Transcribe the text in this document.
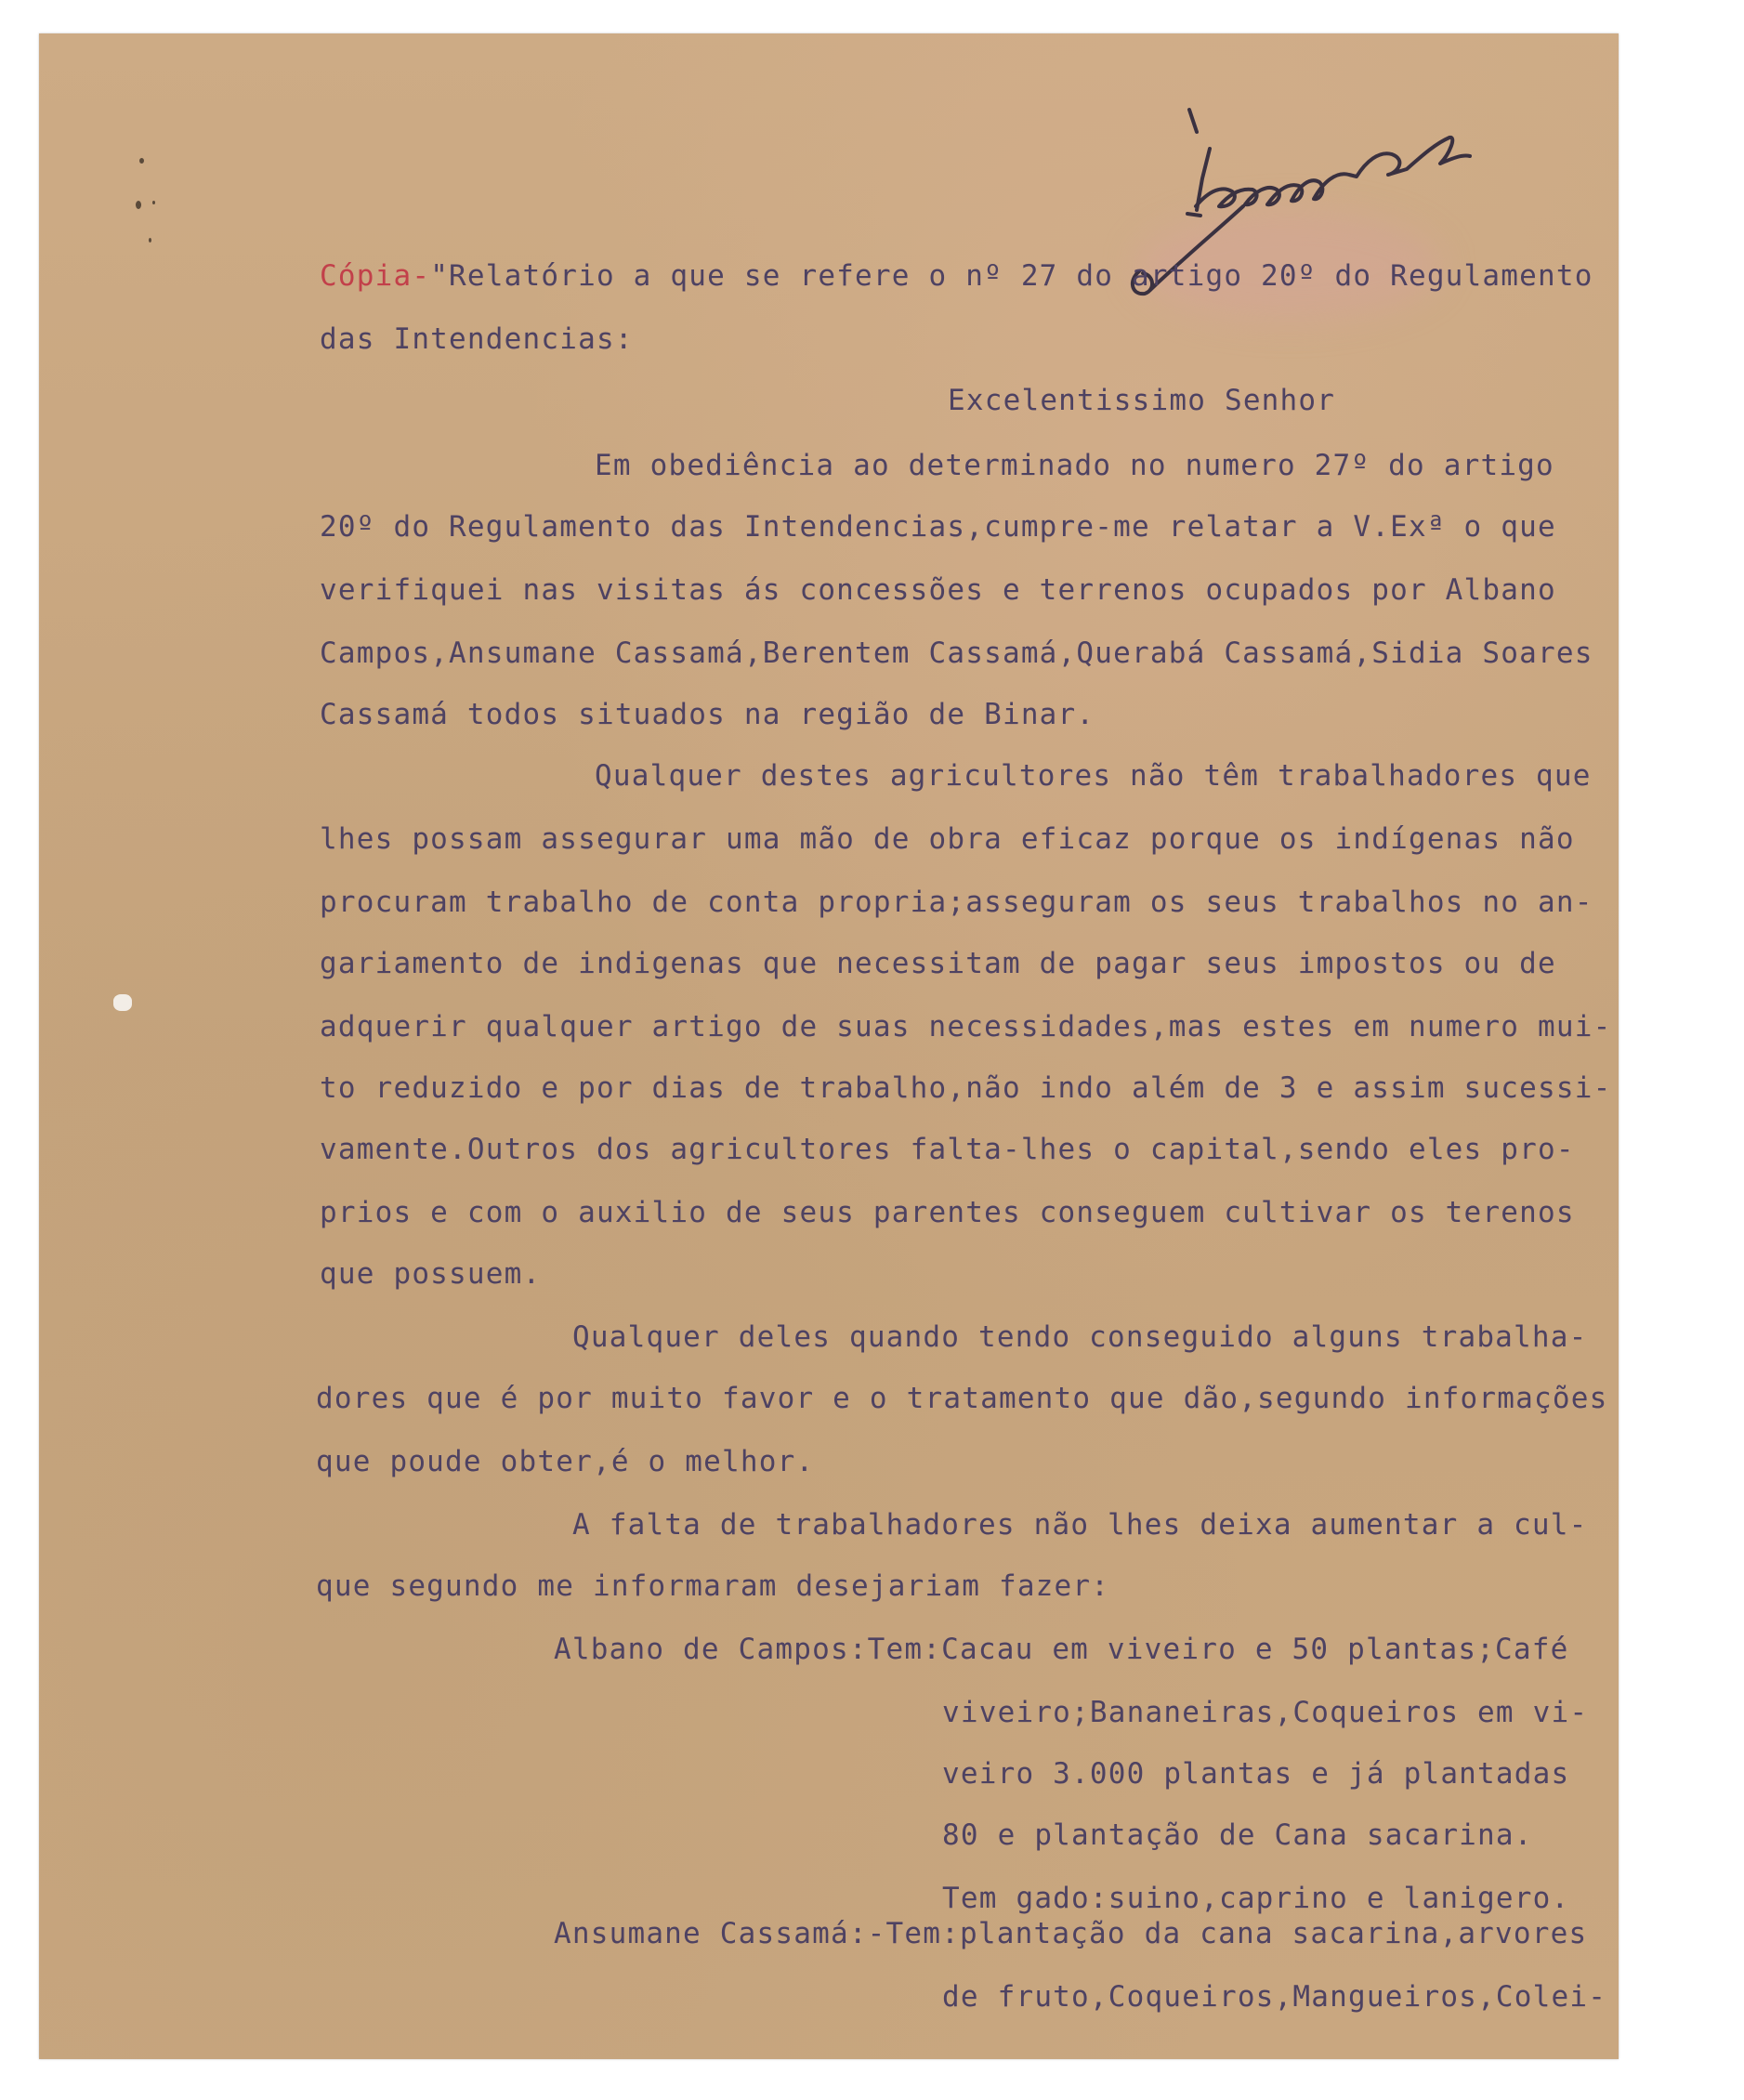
Cópia-"Relatório a que se refere o nº 27 do artigo 20º do Regulamento
das Intendencias:
Excelentissimo Senhor
Em obediência ao determinado no numero 27º do artigo
20º do Regulamento das Intendencias,cumpre-me relatar a V.Exª o que
verifiquei nas visitas ás concessões e terrenos ocupados por Albano
Campos,Ansumane Cassamá,Berentem Cassamá,Querabá Cassamá,Sidia Soares
Cassamá todos situados na região de Binar.
Qualquer destes agricultores não têm trabalhadores que
lhes possam assegurar uma mão de obra eficaz porque os indígenas não
procuram trabalho de conta propria;asseguram os seus trabalhos no an-
gariamento de indigenas que necessitam de pagar seus impostos ou de
adquerir qualquer artigo de suas necessidades,mas estes em numero mui-
to reduzido e por dias de trabalho,não indo além de 3 e assim sucessi-
vamente.Outros dos agricultores falta-lhes o capital,sendo eles pro-
prios e com o auxilio de seus parentes conseguem cultivar os terenos
que possuem.
Qualquer deles quando tendo conseguido alguns trabalha-
dores que é por muito favor e o tratamento que dão,segundo informações
que poude obter,é o melhor.
A falta de trabalhadores não lhes deixa aumentar a cul-
que segundo me informaram desejariam fazer:
Albano de Campos:Tem:Cacau em viveiro e 50 plantas;Café
viveiro;Bananeiras,Coqueiros em vi-
veiro 3.000 plantas e já plantadas
80 e plantação de Cana sacarina.
Tem gado:suino,caprino e lanigero.
Ansumane Cassamá:-Tem:plantação da cana sacarina,arvores
de fruto,Coqueiros,Mangueiros,Colei-
